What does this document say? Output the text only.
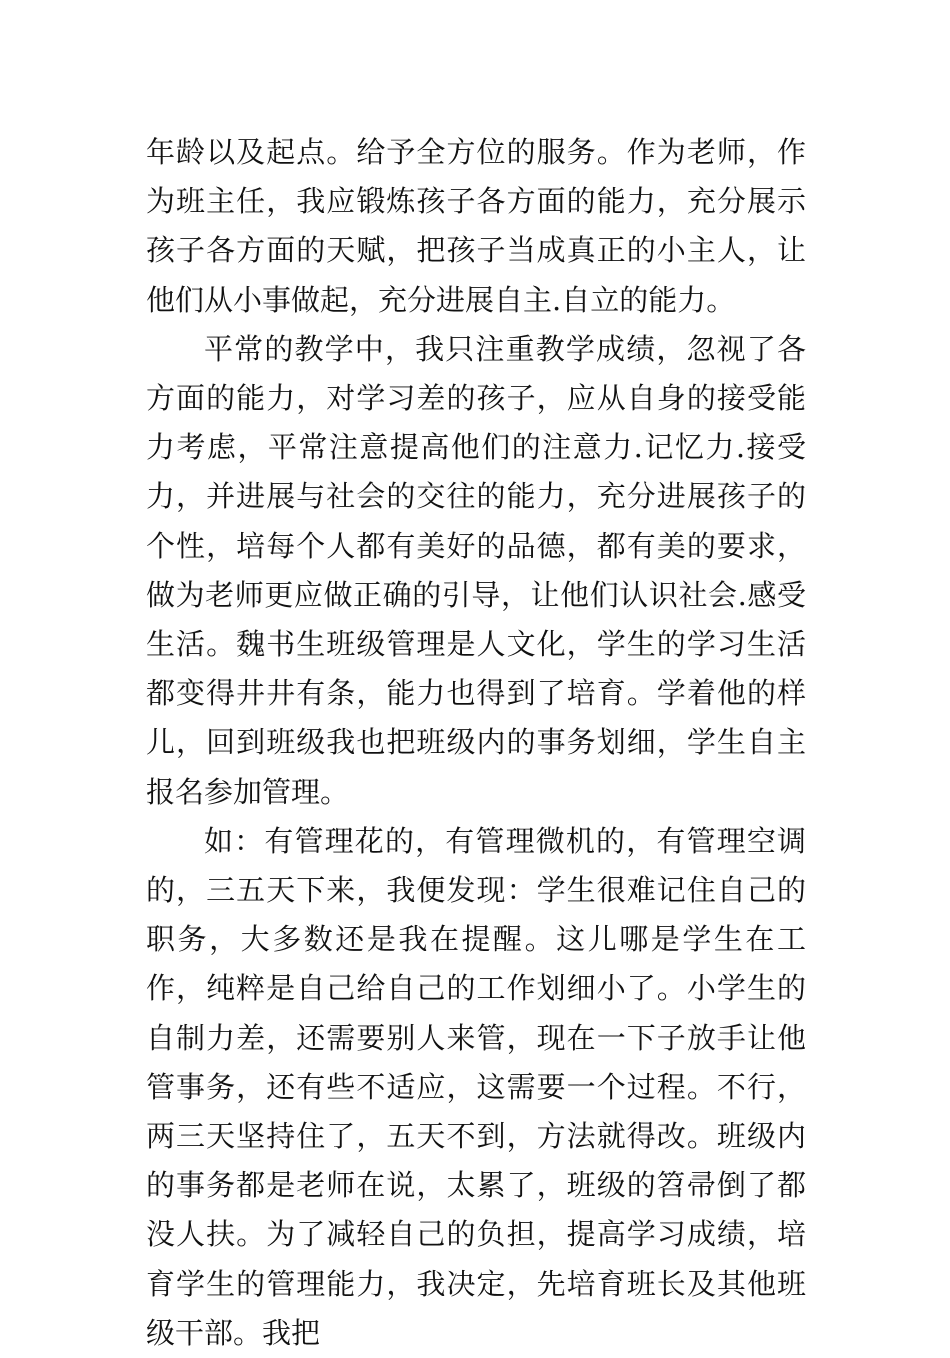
年龄以及起点。给予全方位的服务。作为老师，作为班主任，我应锻炼孩子各方面的能力，充分展示孩子各方面的天赋，把孩子当成真正的小主人，让他们从小事做起，充分进展自主.自立的能力。

平常的教学中，我只注重教学成绩，忽视了各方面的能力，对学习差的孩子，应从自身的接受能力考虑，平常注意提高他们的注意力.记忆力.接受力，并进展与社会的交往的能力，充分进展孩子的个性，培每个人都有美好的品德，都有美的要求，做为老师更应做正确的引导，让他们认识社会.感受生活。魏书生班级管理是人文化，学生的学习生活都变得井井有条，能力也得到了培育。学着他的样儿，回到班级我也把班级内的事务划细，学生自主报名参加管理。

如：有管理花的，有管理微机的，有管理空调的，三五天下来，我便发现：学生很难记住自己的职务，大多数还是我在提醒。这儿哪是学生在工作，纯粹是自己给自己的工作划细小了。小学生的自制力差，还需要别人来管，现在一下子放手让他管事务，还有些不适应，这需要一个过程。不行，两三天坚持住了，五天不到，方法就得改。班级内的事务都是老师在说，太累了，班级的笤帚倒了都没人扶。为了减轻自己的负担，提高学习成绩，培育学生的管理能力，我决定，先培育班长及其他班级干部。我把
